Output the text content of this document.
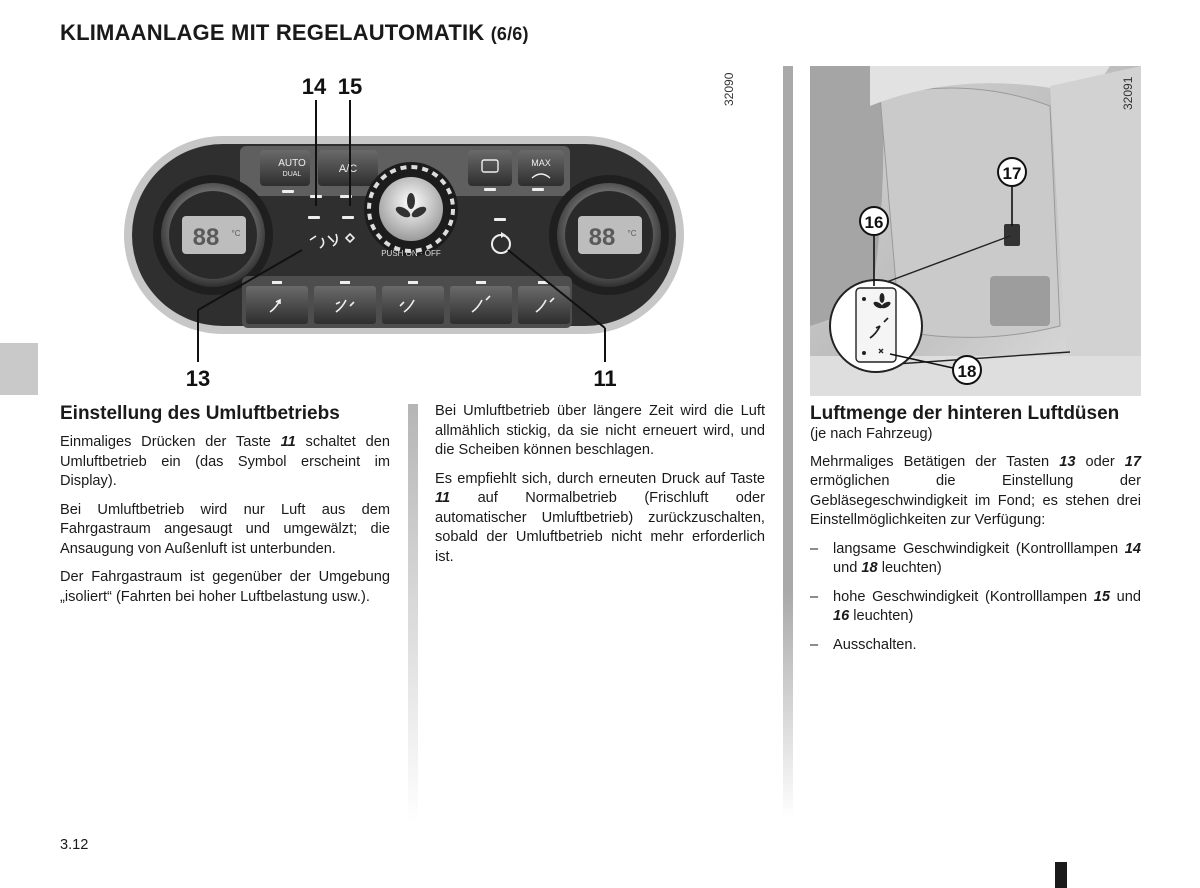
KLIMAANLAGE MIT REGELAUTOMATIK (6/6)
32090
AUTO
DUAL	A/C	MAX
88 °C	88 °C
PUSH ON · OFF
14 15
13	11
32091
16
17
18
Einstellung des Umluftbetriebs

Einmaliges Drücken der Taste 11 schaltet den Umluftbetrieb ein (das Symbol erscheint im Display).

Bei Umluftbetrieb wird nur Luft aus dem Fahrgastraum angesaugt und umgewälzt; die Ansaugung von Außenluft ist unterbunden.

Der Fahrgastraum ist gegenüber der Umgebung „isoliert“ (Fahrten bei hoher Luftbelastung usw.).

Bei Umluftbetrieb über längere Zeit wird die Luft allmählich stickig, da sie nicht erneuert wird, und die Scheiben können beschlagen.

Es empfiehlt sich, durch erneuten Druck auf Taste 11 auf Normalbetrieb (Frischluft oder automatischer Umluftbetrieb) zurückzuschalten, sobald der Umluftbetrieb nicht mehr erforderlich ist.

Luftmenge der hinteren Luftdüsen
(je nach Fahrzeug)

Mehrmaliges Betätigen der Tasten 13 oder 17 ermöglichen die Einstellung der Gebläsegeschwindigkeit im Fond; es stehen drei Einstellmöglichkeiten zur Verfügung:

–	langsame Geschwindigkeit (Kontrolllampen 14 und 18 leuchten)
–	hohe Geschwindigkeit (Kontrolllampen 15 und 16 leuchten)
–	Ausschalten.
3.12
